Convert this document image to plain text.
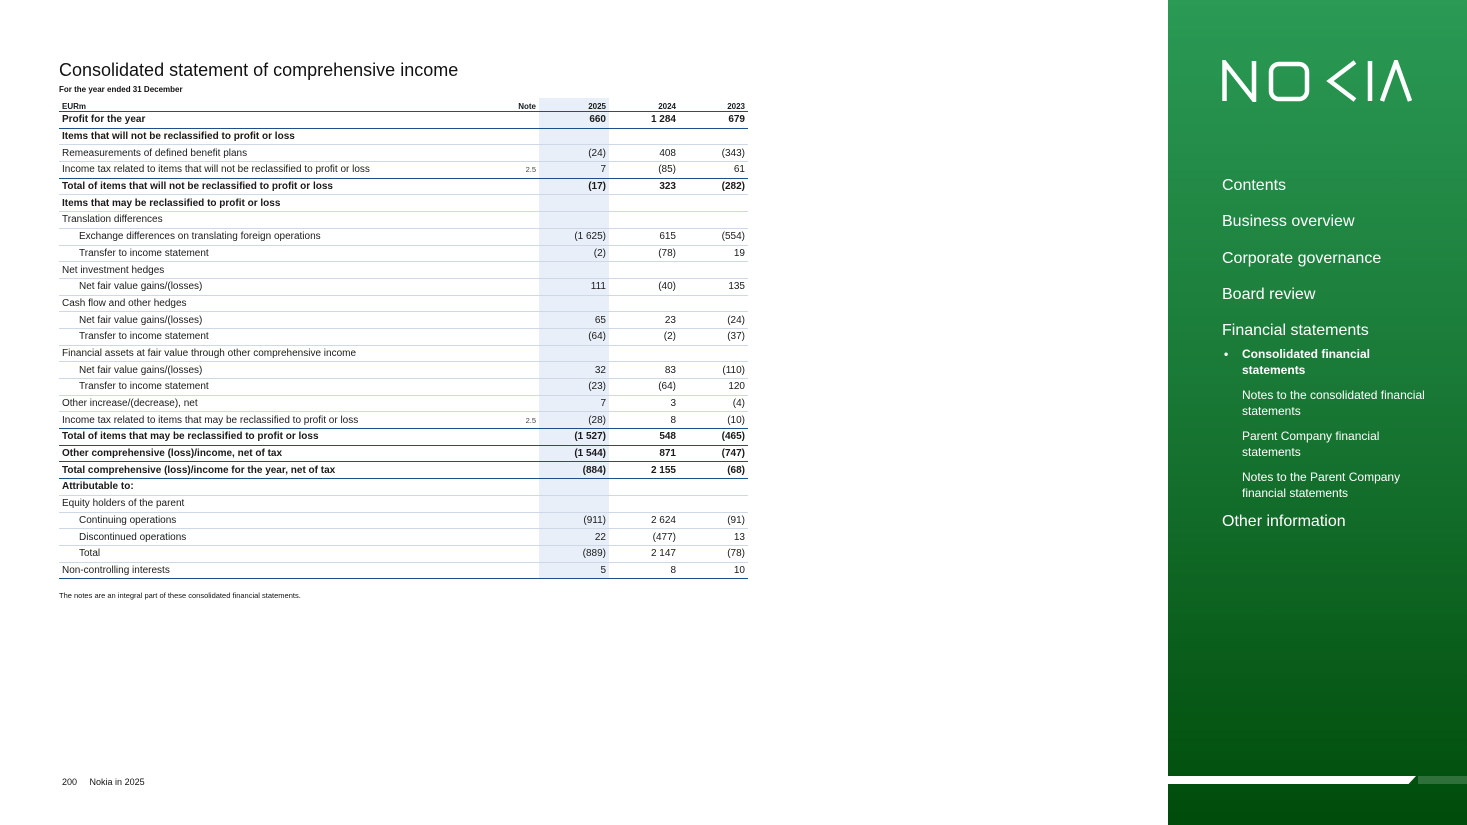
Consolidated statement of comprehensive income
For the year ended 31 December
EURm	Note	2025	2024	2023
Profit for the year		660	1 284	679
Items that will not be reclassified to profit or loss				
Remeasurements of defined benefit plans		(24)	408	(343)
Income tax related to items that will not be reclassified to profit or loss	2.5	7	(85)	61
Total of items that will not be reclassified to profit or loss		(17)	323	(282)
Items that may be reclassified to profit or loss				
Translation differences				
Exchange differences on translating foreign operations		(1 625)	615	(554)
Transfer to income statement		(2)	(78)	19
Net investment hedges				
Net fair value gains/(losses)		111	(40)	135
Cash flow and other hedges				
Net fair value gains/(losses)		65	23	(24)
Transfer to income statement		(64)	(2)	(37)
Financial assets at fair value through other comprehensive income				
Net fair value gains/(losses)		32	83	(110)
Transfer to income statement		(23)	(64)	120
Other increase/(decrease), net		7	3	(4)
Income tax related to items that may be reclassified to profit or loss	2.5	(28)	8	(10)
Total of items that may be reclassified to profit or loss		(1 527)	548	(465)
Other comprehensive (loss)/income, net of tax		(1 544)	871	(747)
Total comprehensive (loss)/income for the year, net of tax		(884)	2 155	(68)
Attributable to:				
Equity holders of the parent				
Continuing operations		(911)	2 624	(91)
Discontinued operations		22	(477)	13
Total		(889)	2 147	(78)
Non-controlling interests		5	8	10
The notes are an integral part of these consolidated financial statements.
200 Nokia in 2025
Contents
Business overview
Corporate governance
Board review
Financial statements
• Consolidated financial statements
Notes to the consolidated financial statements
Parent Company financial statements
Notes to the Parent Company financial statements
Other information
